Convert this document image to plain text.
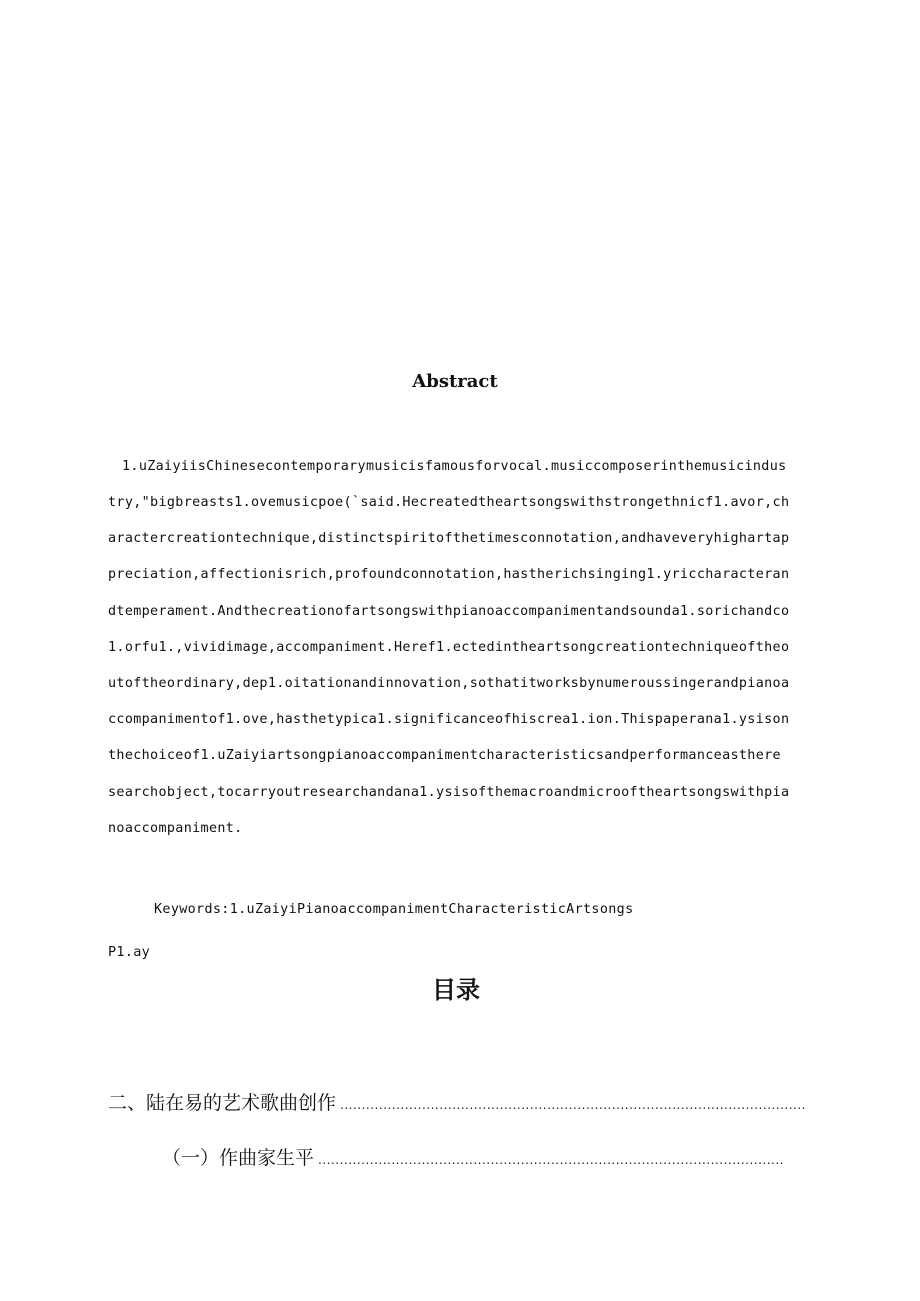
Abstract

1.uZaiyiisChinesecontemporarymusicisfamousforvocal.musiccomposerinthemusicindus

try,"bigbreasts1.ovemusicpoe(`said.Hecreatedtheartsongswithstrongethnicf1.avor,ch

aractercreationtechnique,distinctspiritofthetimesconnotation,andhaveveryhighartap

preciation,affectionisrich,profoundconnotation,hastherichsinging1.yriccharacteran

dtemperament.Andthecreationofartsongswithpianoaccompanimentandsounda1.sorichandco

1.orfu1.,vividimage,accompaniment.Heref1.ectedintheartsongcreationtechniqueoftheo

utoftheordinary,dep1.oitationandinnovation,sothatitworksbynumeroussingerandpianoa

ccompanimentof1.ove,hasthetypica1.significanceofhiscrea1.ion.Thispaperana1.ysison

thechoiceof1.uZaiyiartsongpianoaccompanimentcharacteristicsandperformanceasthere

searchobject,tocarryoutresearchandana1.ysisofthemacroandmicrooftheartsongswithpia

noaccompaniment.

Keywords:1.uZaiyiPianoaccompanimentCharacteristicArtsongs

P1.ay

目录
二、陆在易的艺术歌曲创作 ............................................................................................................
（一）作曲家生平 ............................................................................................................
